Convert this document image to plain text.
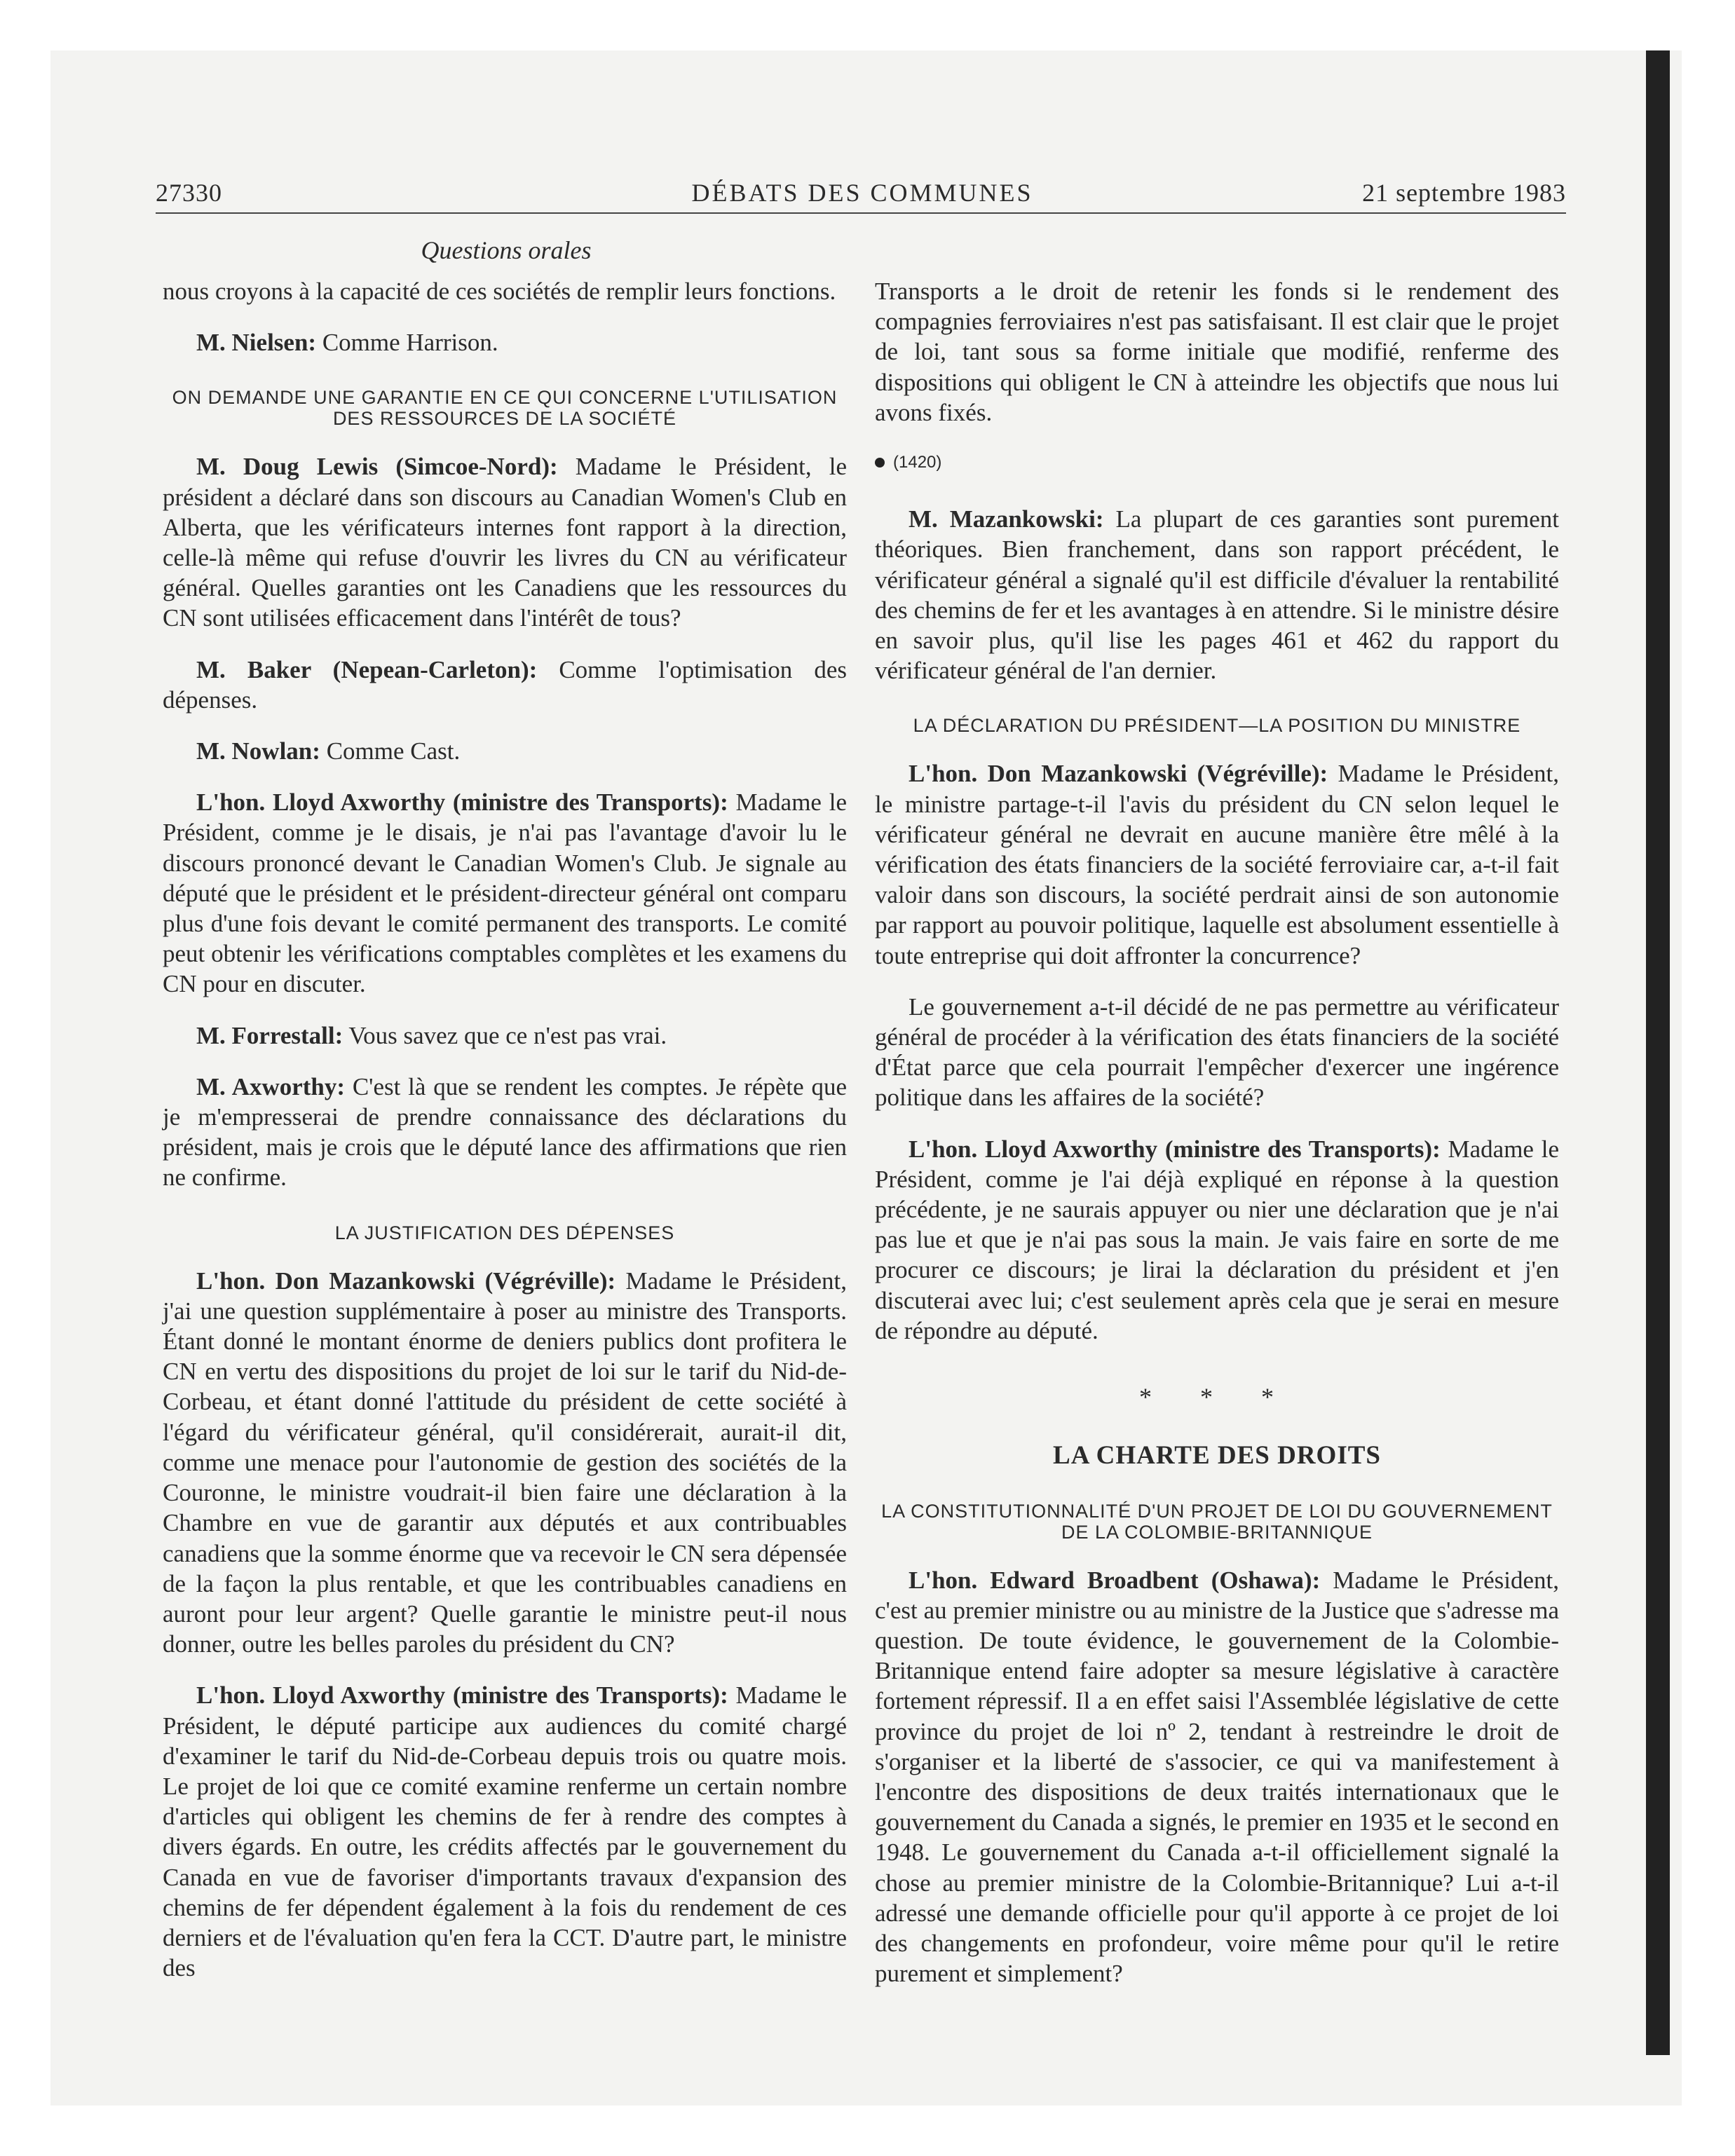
27330	DÉBATS DES COMMUNES	21 septembre 1983
Questions orales

nous croyons à la capacité de ces sociétés de remplir leurs fonctions.

M. Nielsen: Comme Harrison.

ON DEMANDE UNE GARANTIE EN CE QUI CONCERNE L'UTILISATION DES RESSOURCES DE LA SOCIÉTÉ

M. Doug Lewis (Simcoe-Nord): Madame le Président, le président a déclaré dans son discours au Canadian Women's Club en Alberta, que les vérificateurs internes font rapport à la direction, celle-là même qui refuse d'ouvrir les livres du CN au vérificateur général. Quelles garanties ont les Canadiens que les ressources du CN sont utilisées efficacement dans l'intérêt de tous?

M. Baker (Nepean-Carleton): Comme l'optimisation des dépenses.

M. Nowlan: Comme Cast.

L'hon. Lloyd Axworthy (ministre des Transports): Madame le Président, comme je le disais, je n'ai pas l'avantage d'avoir lu le discours prononcé devant le Canadian Women's Club. Je signale au député que le président et le président-directeur général ont comparu plus d'une fois devant le comité permanent des transports. Le comité peut obtenir les vérifications comptables complètes et les examens du CN pour en discuter.

M. Forrestall: Vous savez que ce n'est pas vrai.

M. Axworthy: C'est là que se rendent les comptes. Je répète que je m'empresserai de prendre connaissance des déclarations du président, mais je crois que le député lance des affirmations que rien ne confirme.

LA JUSTIFICATION DES DÉPENSES

L'hon. Don Mazankowski (Végréville): Madame le Président, j'ai une question supplémentaire à poser au ministre des Transports. Étant donné le montant énorme de deniers publics dont profitera le CN en vertu des dispositions du projet de loi sur le tarif du Nid-de-Corbeau, et étant donné l'attitude du président de cette société à l'égard du vérificateur général, qu'il considérerait, aurait-il dit, comme une menace pour l'autonomie de gestion des sociétés de la Couronne, le ministre voudrait-il bien faire une déclaration à la Chambre en vue de garantir aux députés et aux contribuables canadiens que la somme énorme que va recevoir le CN sera dépensée de la façon la plus rentable, et que les contribuables canadiens en auront pour leur argent? Quelle garantie le ministre peut-il nous donner, outre les belles paroles du président du CN?

L'hon. Lloyd Axworthy (ministre des Transports): Madame le Président, le député participe aux audiences du comité chargé d'examiner le tarif du Nid-de-Corbeau depuis trois ou quatre mois. Le projet de loi que ce comité examine renferme un certain nombre d'articles qui obligent les chemins de fer à rendre des comptes à divers égards. En outre, les crédits affectés par le gouvernement du Canada en vue de favoriser d'importants travaux d'expansion des chemins de fer dépendent également à la fois du rendement de ces derniers et de l'évaluation qu'en fera la CCT. D'autre part, le ministre des

Transports a le droit de retenir les fonds si le rendement des compagnies ferroviaires n'est pas satisfaisant. Il est clair que le projet de loi, tant sous sa forme initiale que modifié, renferme des dispositions qui obligent le CN à atteindre les objectifs que nous lui avons fixés.

(1420)

M. Mazankowski: La plupart de ces garanties sont purement théoriques. Bien franchement, dans son rapport précédent, le vérificateur général a signalé qu'il est difficile d'évaluer la rentabilité des chemins de fer et les avantages à en attendre. Si le ministre désire en savoir plus, qu'il lise les pages 461 et 462 du rapport du vérificateur général de l'an dernier.

LA DÉCLARATION DU PRÉSIDENT—LA POSITION DU MINISTRE

L'hon. Don Mazankowski (Végréville): Madame le Président, le ministre partage-t-il l'avis du président du CN selon lequel le vérificateur général ne devrait en aucune manière être mêlé à la vérification des états financiers de la société ferroviaire car, a-t-il fait valoir dans son discours, la société perdrait ainsi de son autonomie par rapport au pouvoir politique, laquelle est absolument essentielle à toute entreprise qui doit affronter la concurrence?

Le gouvernement a-t-il décidé de ne pas permettre au vérificateur général de procéder à la vérification des états financiers de la société d'État parce que cela pourrait l'empêcher d'exercer une ingérence politique dans les affaires de la société?

L'hon. Lloyd Axworthy (ministre des Transports): Madame le Président, comme je l'ai déjà expliqué en réponse à la question précédente, je ne saurais appuyer ou nier une déclaration que je n'ai pas lue et que je n'ai pas sous la main. Je vais faire en sorte de me procurer ce discours; je lirai la déclaration du président et j'en discuterai avec lui; c'est seulement après cela que je serai en mesure de répondre au député.

* * *

LA CHARTE DES DROITS

LA CONSTITUTIONNALITÉ D'UN PROJET DE LOI DU GOUVERNEMENT DE LA COLOMBIE-BRITANNIQUE

L'hon. Edward Broadbent (Oshawa): Madame le Président, c'est au premier ministre ou au ministre de la Justice que s'adresse ma question. De toute évidence, le gouvernement de la Colombie-Britannique entend faire adopter sa mesure législative à caractère fortement répressif. Il a en effet saisi l'Assemblée législative de cette province du projet de loi nº 2, tendant à restreindre le droit de s'organiser et la liberté de s'associer, ce qui va manifestement à l'encontre des dispositions de deux traités internationaux que le gouvernement du Canada a signés, le premier en 1935 et le second en 1948. Le gouvernement du Canada a-t-il officiellement signalé la chose au premier ministre de la Colombie-Britannique? Lui a-t-il adressé une demande officielle pour qu'il apporte à ce projet de loi des changements en profondeur, voire même pour qu'il le retire purement et simplement?
